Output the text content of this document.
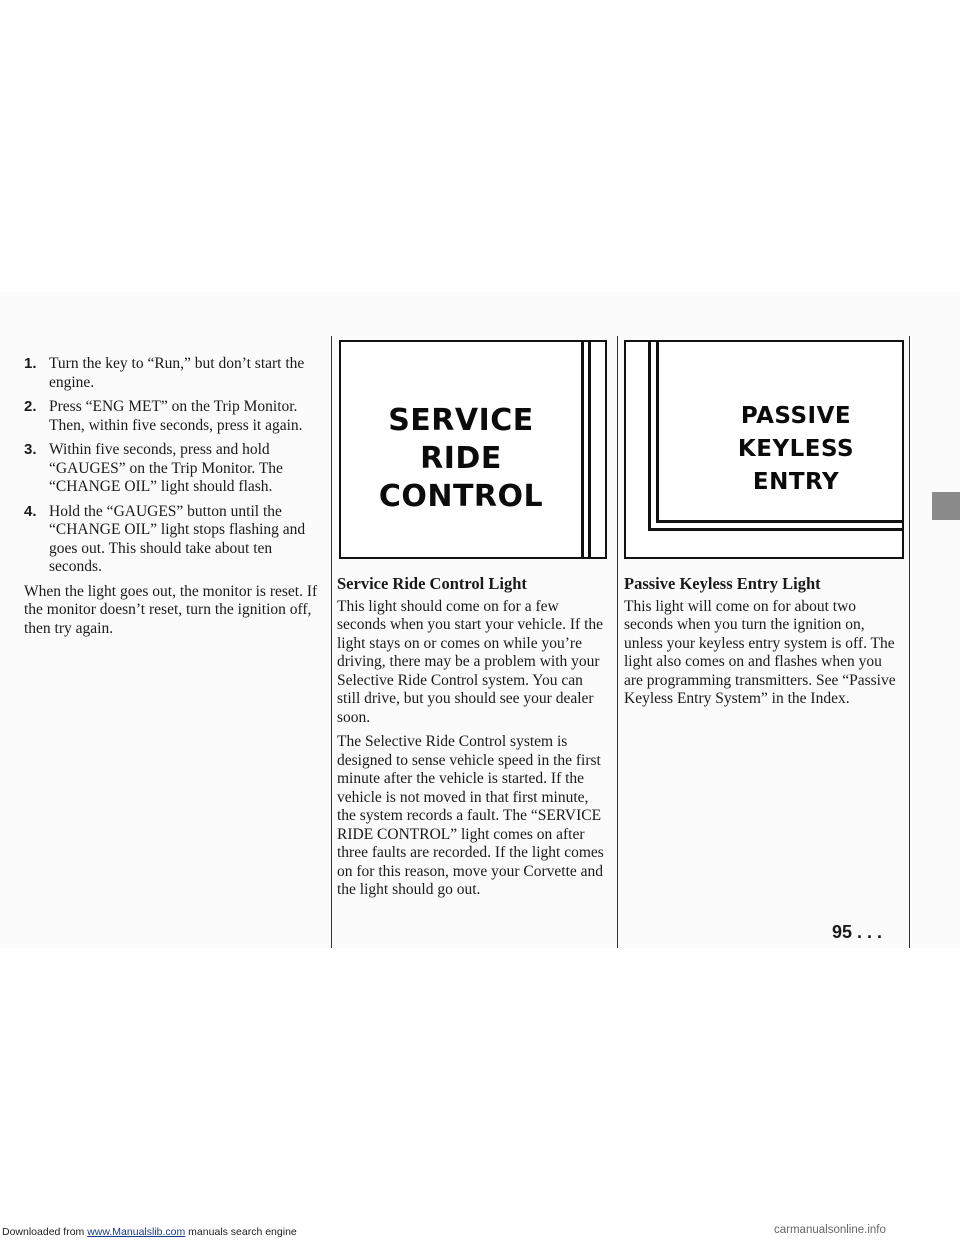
1. Turn the key to “Run,” but don’t start the engine.
2. Press “ENG MET” on the Trip Monitor. Then, within five seconds, press it again.
3. Within five seconds, press and hold “GAUGES” on the Trip Monitor. The “CHANGE OIL” light should flash.
4. Hold the “GAUGES” button until the “CHANGE OIL” light stops flashing and goes out. This should take about ten seconds.

When the light goes out, the monitor is reset. If the monitor doesn’t reset, turn the ignition off, then try again.

SERVICE
RIDE
CONTROL
PASSIVE
KEYLESS
ENTRY
Service Ride Control Light

This light should come on for a few seconds when you start your vehicle. If the light stays on or comes on while you’re driving, there may be a problem with your Selective Ride Control system. You can still drive, but you should see your dealer soon.

The Selective Ride Control system is designed to sense vehicle speed in the first minute after the vehicle is started. If the vehicle is not moved in that first minute, the system records a fault. The “SERVICE RIDE CONTROL” light comes on after three faults are recorded. If the light comes on for this reason, move your Corvette and the light should go out.

Passive Keyless Entry Light

This light will come on for about two seconds when you turn the ignition on, unless your keyless entry system is off. The light also comes on and flashes when you are programming transmitters. See “Passive Keyless Entry System” in the Index.

95 . . .
Downloaded from www.Manualslib.com manuals search engine	carmanualsonline.info
